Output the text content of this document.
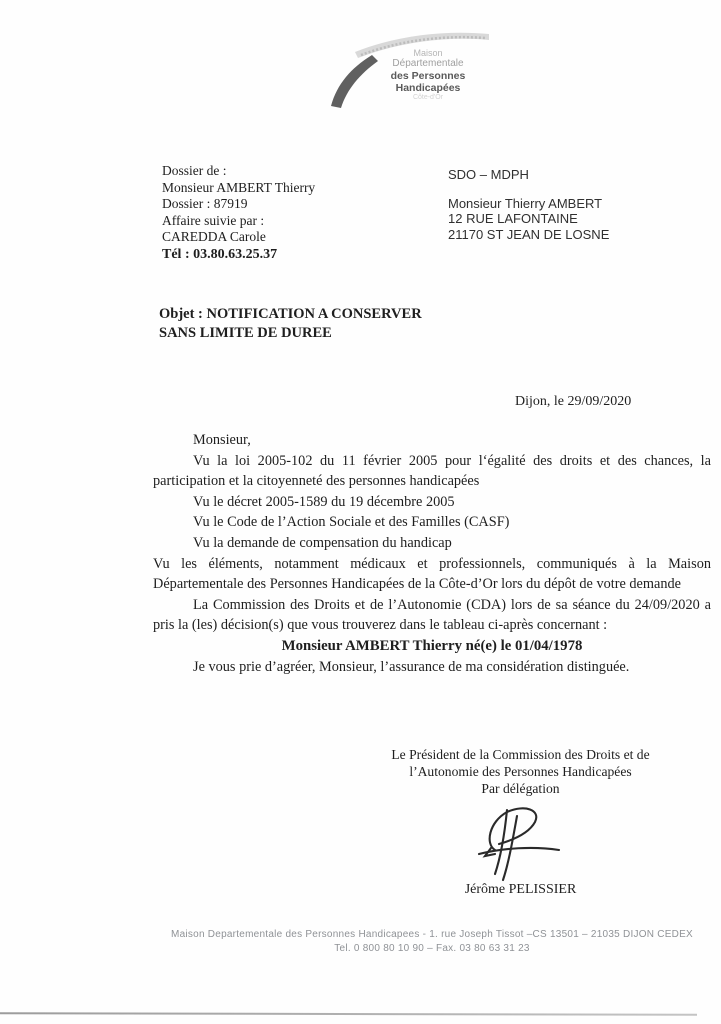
Maison
Départementale
des Personnes
Handicapées
Côte-d'Or
Dossier de :
Monsieur AMBERT Thierry
Dossier : 87919
Affaire suivie par :
CAREDDA Carole
Tél : 03.80.63.25.37
SDO – MDPH
Monsieur Thierry AMBERT
12 RUE LAFONTAINE
21170 ST JEAN DE LOSNE
Objet : NOTIFICATION A CONSERVER
SANS LIMITE DE DUREE
Dijon, le 29/09/2020

Monsieur,

Vu la loi 2005-102 du 11 février 2005 pour l‘égalité des droits et des chances, la participation et la citoyenneté des personnes handicapées

Vu le décret 2005-1589 du 19 décembre 2005

Vu le Code de l’Action Sociale et des Familles (CASF)

Vu la demande de compensation du handicap

Vu les éléments, notamment médicaux et professionnels, communiqués à la Maison Départementale des Personnes Handicapées de la Côte-d’Or lors du dépôt de votre demande

La Commission des Droits et de l’Autonomie (CDA) lors de sa séance du 24/09/2020 a pris la (les) décision(s) que vous trouverez dans le tableau ci-après concernant :

Monsieur AMBERT Thierry né(e) le 01/04/1978

Je vous prie d’agréer, Monsieur, l’assurance de ma considération distinguée.

Le Président de la Commission des Droits et de
l’Autonomie des Personnes Handicapées
Par délégation
Jérôme PELISSIER
Maison Departementale des Personnes Handicapees - 1. rue Joseph Tissot –CS 13501 – 21035 DIJON CEDEX
Tel. 0 800 80 10 90 – Fax. 03 80 63 31 23
